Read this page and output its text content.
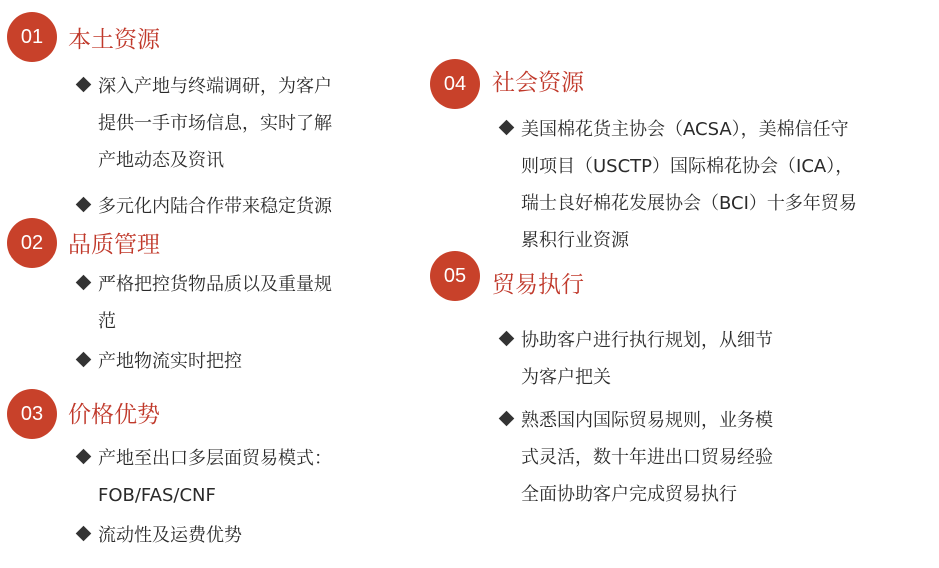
01	本土资源
深入产地与终端调研，为客户
提供一手市场信息，实时了解
产地动态及资讯
多元化内陆合作带来稳定货源
02	品质管理
严格把控货物品质以及重量规
范
产地物流实时把控
03	价格优势
产地至出口多层面贸易模式：
FOB/FAS/CNF
流动性及运费优势
04	社会资源
美国棉花货主协会（ACSA），美棉信任守
则项目（USCTP）国际棉花协会（ICA），
瑞士良好棉花发展协会（BCI）十多年贸易
累积行业资源
05	贸易执行
协助客户进行执行规划，从细节
为客户把关
熟悉国内国际贸易规则，业务模
式灵活，数十年进出口贸易经验
全面协助客户完成贸易执行
